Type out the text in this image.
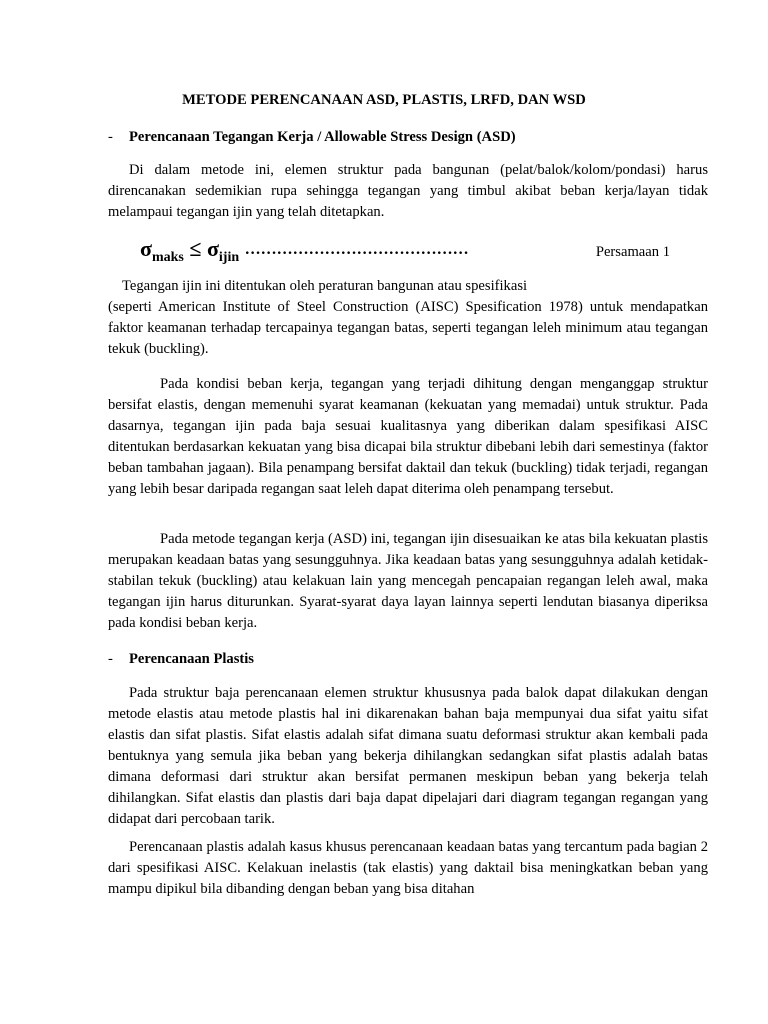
METODE PERENCANAAN ASD, PLASTIS, LRFD, DAN WSD
- Perencanaan Tegangan Kerja / Allowable Stress Design (ASD)

Di dalam metode ini, elemen struktur pada bangunan (pelat/balok/kolom/pondasi) harus direncanakan sedemikian rupa sehingga tegangan yang timbul akibat beban kerja/layan tidak melampaui tegangan ijin yang telah ditetapkan.

$\sigma_{maks} \le \sigma_{ijin}$ ……………………………………	Persamaan 1

Tegangan ijin ini ditentukan oleh peraturan bangunan atau spesifikasi

(seperti American Institute of Steel Construction (AISC) Spesification 1978) untuk mendapatkan faktor keamanan terhadap tercapainya tegangan batas, seperti tegangan leleh minimum atau tegangan tekuk (buckling).

Pada kondisi beban kerja, tegangan yang terjadi dihitung dengan menganggap struktur bersifat elastis, dengan memenuhi syarat keamanan (kekuatan yang memadai) untuk struktur. Pada dasarnya, tegangan ijin pada baja sesuai kualitasnya yang diberikan dalam spesifikasi AISC ditentukan berdasarkan kekuatan yang bisa dicapai bila struktur dibebani lebih dari semestinya (faktor beban tambahan jagaan). Bila penampang bersifat daktail dan tekuk (buckling) tidak terjadi, regangan yang lebih besar daripada regangan saat leleh dapat diterima oleh penampang tersebut.

Pada metode tegangan kerja (ASD) ini, tegangan ijin disesuaikan ke atas bila kekuatan plastis merupakan keadaan batas yang sesungguhnya. Jika keadaan batas yang sesungguhnya adalah ketidak-stabilan tekuk (buckling) atau kelakuan lain yang mencegah pencapaian regangan leleh awal, maka tegangan ijin harus diturunkan. Syarat-syarat daya layan lainnya seperti lendutan biasanya diperiksa pada kondisi beban kerja.

- Perencanaan Plastis

Pada struktur baja perencanaan elemen struktur khususnya pada balok dapat dilakukan dengan metode elastis atau metode plastis hal ini dikarenakan bahan baja mempunyai dua sifat yaitu sifat elastis dan sifat plastis. Sifat elastis adalah sifat dimana suatu deformasi struktur akan kembali pada bentuknya yang semula jika beban yang bekerja dihilangkan sedangkan sifat plastis adalah batas dimana deformasi dari struktur akan bersifat permanen meskipun beban yang bekerja telah dihilangkan. Sifat elastis dan plastis dari baja dapat dipelajari dari diagram tegangan regangan yang didapat dari percobaan tarik.

Perencanaan plastis adalah kasus khusus perencanaan keadaan batas yang tercantum pada bagian 2 dari spesifikasi AISC. Kelakuan inelastis (tak elastis) yang daktail bisa meningkatkan beban yang mampu dipikul bila dibanding dengan beban yang bisa ditahan
